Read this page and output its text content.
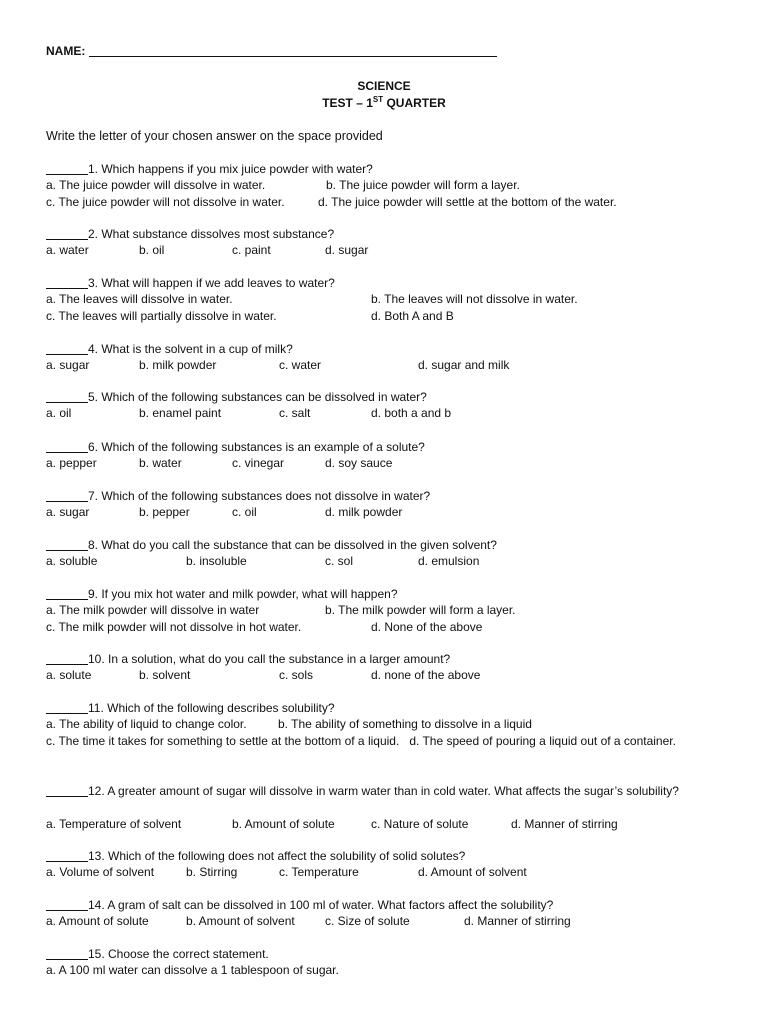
NAME:
SCIENCE
TEST – 1ST QUARTER
Write the letter of your chosen answer on the space provided
1. Which happens if you mix juice powder with water?
a. The juice powder will dissolve in water.	b. The juice powder will form a layer.
c. The juice powder will not dissolve in water.	d. The juice powder will settle at the bottom of the water.
2. What substance dissolves most substance?
a. water	b. oil	c. paint	d. sugar
3. What will happen if we add leaves to water?
a. The leaves will dissolve in water.	b. The leaves will not dissolve in water.
c. The leaves will partially dissolve in water.	d. Both A and B
4. What is the solvent in a cup of milk?
a. sugar	b. milk powder	c. water	d. sugar and milk
5. Which of the following substances can be dissolved in water?
a. oil	b. enamel paint	c. salt	d. both a and b
6. Which of the following substances is an example of a solute?
a. pepper	b. water	c. vinegar	d. soy sauce
7. Which of the following substances does not dissolve in water?
a. sugar	b. pepper	c. oil	d. milk powder
8. What do you call the substance that can be dissolved in the given solvent?
a. soluble	b. insoluble	c. sol	d. emulsion
9. If you mix hot water and milk powder, what will happen?
a. The milk powder will dissolve in water	b. The milk powder will form a layer.
c. The milk powder will not dissolve in hot water.	d. None of the above
10. In a solution, what do you call the substance in a larger amount?
a. solute	b. solvent	c. sols	d. none of the above
11. Which of the following describes solubility?
a. The ability of liquid to change color.	b. The ability of something to dissolve in a liquid
c. The time it takes for something to settle at the bottom of a liquid. d. The speed of pouring a liquid out of a container.
12. A greater amount of sugar will dissolve in warm water than in cold water. What affects the sugar’s solubility?
a. Temperature of solvent	b. Amount of solute	c. Nature of solute	d. Manner of stirring
13. Which of the following does not affect the solubility of solid solutes?
a. Volume of solvent	b. Stirring	c. Temperature	d. Amount of solvent
14. A gram of salt can be dissolved in 100 ml of water. What factors affect the solubility?
a. Amount of solute	b. Amount of solvent	c. Size of solute	d. Manner of stirring
15. Choose the correct statement.
a. A 100 ml water can dissolve a 1 tablespoon of sugar.
